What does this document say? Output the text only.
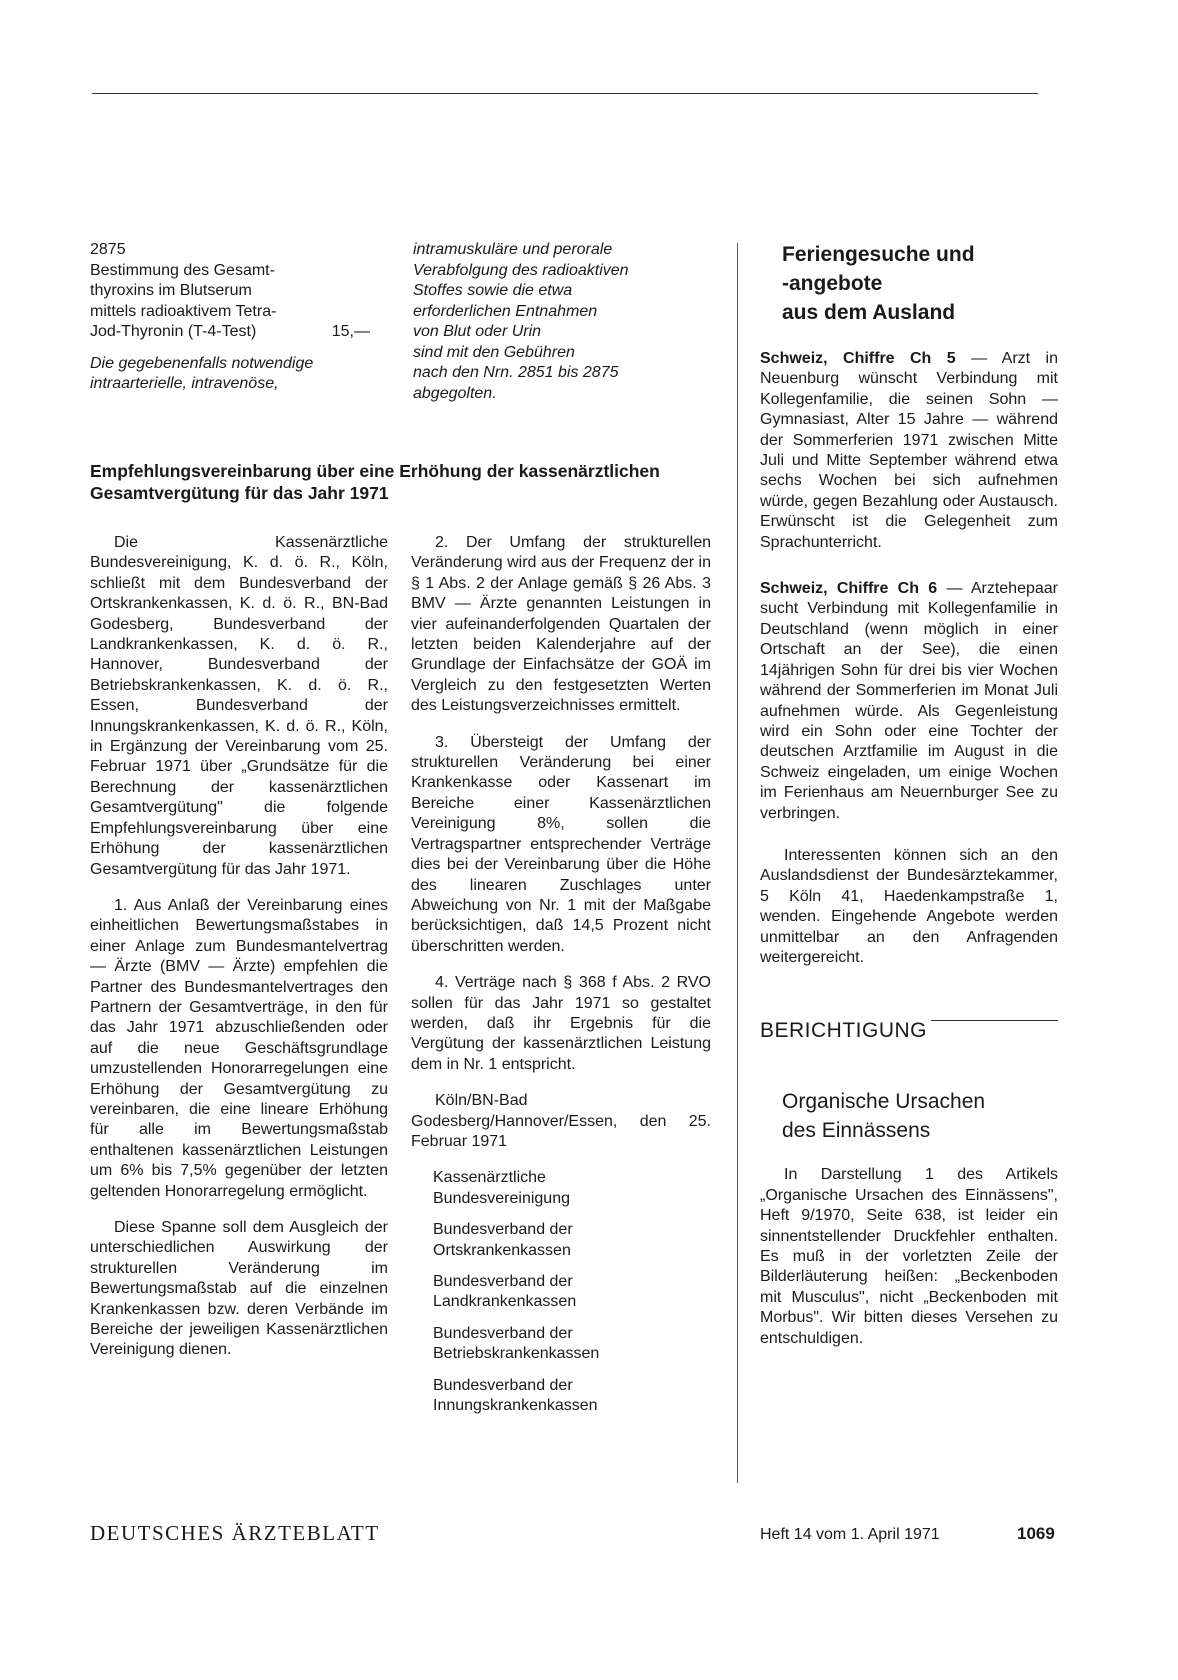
2875
Bestimmung des Gesamt-
thyroxins im Blutserum
mittels radioaktivem Tetra-
Jod-Thyronin (T-4-Test)	15,—
Die gegebenenfalls notwendige
intraarterielle, intravenöse,
intramuskuläre und perorale
Verabfolgung des radioaktiven
Stoffes sowie die etwa
erforderlichen Entnahmen
von Blut oder Urin
sind mit den Gebühren
nach den Nrn. 2851 bis 2875
abgegolten.
Empfehlungsvereinbarung über eine Erhöhung der kassenärztlichen
Gesamtvergütung für das Jahr 1971

Die Kassenärztliche Bundesvereinigung, K. d. ö. R., Köln, schließt mit dem Bundesverband der Ortskrankenkassen, K. d. ö. R., BN-Bad Godesberg, Bundesverband der Landkrankenkassen, K. d. ö. R., Hannover, Bundesverband der Betriebskrankenkassen, K. d. ö. R., Essen, Bundesverband der Innungskrankenkassen, K. d. ö. R., Köln, in Ergänzung der Vereinbarung vom 25. Februar 1971 über „Grundsätze für die Berechnung der kassenärztlichen Gesamtvergütung" die folgende Empfehlungsvereinbarung über eine Erhöhung der kassenärztlichen Gesamtvergütung für das Jahr 1971.

1. Aus Anlaß der Vereinbarung eines einheitlichen Bewertungsmaßstabes in einer Anlage zum Bundesmantelvertrag — Ärzte (BMV — Ärzte) empfehlen die Partner des Bundesmantelvertrages den Partnern der Gesamtverträge, in den für das Jahr 1971 abzuschließenden oder auf die neue Geschäftsgrundlage umzustellenden Honorarregelungen eine Erhöhung der Gesamtvergütung zu vereinbaren, die eine lineare Erhöhung für alle im Bewertungsmaßstab enthaltenen kassenärztlichen Leistungen um 6% bis 7,5% gegenüber der letzten geltenden Honorarregelung ermöglicht.

Diese Spanne soll dem Ausgleich der unterschiedlichen Auswirkung der strukturellen Veränderung im Bewertungsmaßstab auf die einzelnen Krankenkassen bzw. deren Verbände im Bereiche der jeweiligen Kassenärztlichen Vereinigung dienen.

2. Der Umfang der strukturellen Veränderung wird aus der Frequenz der in § 1 Abs. 2 der Anlage gemäß § 26 Abs. 3 BMV — Ärzte genannten Leistungen in vier aufeinanderfolgenden Quartalen der letzten beiden Kalenderjahre auf der Grundlage der Einfachsätze der GOÄ im Vergleich zu den festgesetzten Werten des Leistungsverzeichnisses ermittelt.

3. Übersteigt der Umfang der strukturellen Veränderung bei einer Krankenkasse oder Kassenart im Bereiche einer Kassenärztlichen Vereinigung 8%, sollen die Vertragspartner entsprechender Verträge dies bei der Vereinbarung über die Höhe des linearen Zuschlages unter Abweichung von Nr. 1 mit der Maßgabe berücksichtigen, daß 14,5 Prozent nicht überschritten werden.

4. Verträge nach § 368 f Abs. 2 RVO sollen für das Jahr 1971 so gestaltet werden, daß ihr Ergebnis für die Vergütung der kassenärztlichen Leistung dem in Nr. 1 entspricht.

Köln/BN-Bad Godesberg/Hannover/Essen, den 25. Februar 1971

Kassenärztliche
Bundesvereinigung
Bundesverband der
Ortskrankenkassen
Bundesverband der
Landkrankenkassen
Bundesverband der
Betriebskrankenkassen
Bundesverband der
Innungskrankenkassen
Feriengesuche und
-angebote
aus dem Ausland

Schweiz, Chiffre Ch 5 — Arzt in Neuenburg wünscht Verbindung mit Kollegenfamilie, die seinen Sohn — Gymnasiast, Alter 15 Jahre — während der Sommerferien 1971 zwischen Mitte Juli und Mitte September während etwa sechs Wochen bei sich aufnehmen würde, gegen Bezahlung oder Austausch. Erwünscht ist die Gelegenheit zum Sprachunterricht.

Schweiz, Chiffre Ch 6 — Arztehepaar sucht Verbindung mit Kollegenfamilie in Deutschland (wenn möglich in einer Ortschaft an der See), die einen 14jährigen Sohn für drei bis vier Wochen während der Sommerferien im Monat Juli aufnehmen würde. Als Gegenleistung wird ein Sohn oder eine Tochter der deutschen Arztfamilie im August in die Schweiz eingeladen, um einige Wochen im Ferienhaus am Neuernburger See zu verbringen.

Interessenten können sich an den Auslandsdienst der Bundesärztekammer, 5 Köln 41, Haedenkampstraße 1, wenden. Eingehende Angebote werden unmittelbar an den Anfragenden weitergereicht.

BERICHTIGUNG
Organische Ursachen
des Einnässens

In Darstellung 1 des Artikels „Organische Ursachen des Einnässens", Heft 9/1970, Seite 638, ist leider ein sinnentstellender Druckfehler enthalten. Es muß in der vorletzten Zeile der Bilderläuterung heißen: „Beckenboden mit Musculus", nicht „Beckenboden mit Morbus". Wir bitten dieses Versehen zu entschuldigen.

DEUTSCHES ÄRZTEBLATT	Heft 14 vom 1. April 1971	1069
